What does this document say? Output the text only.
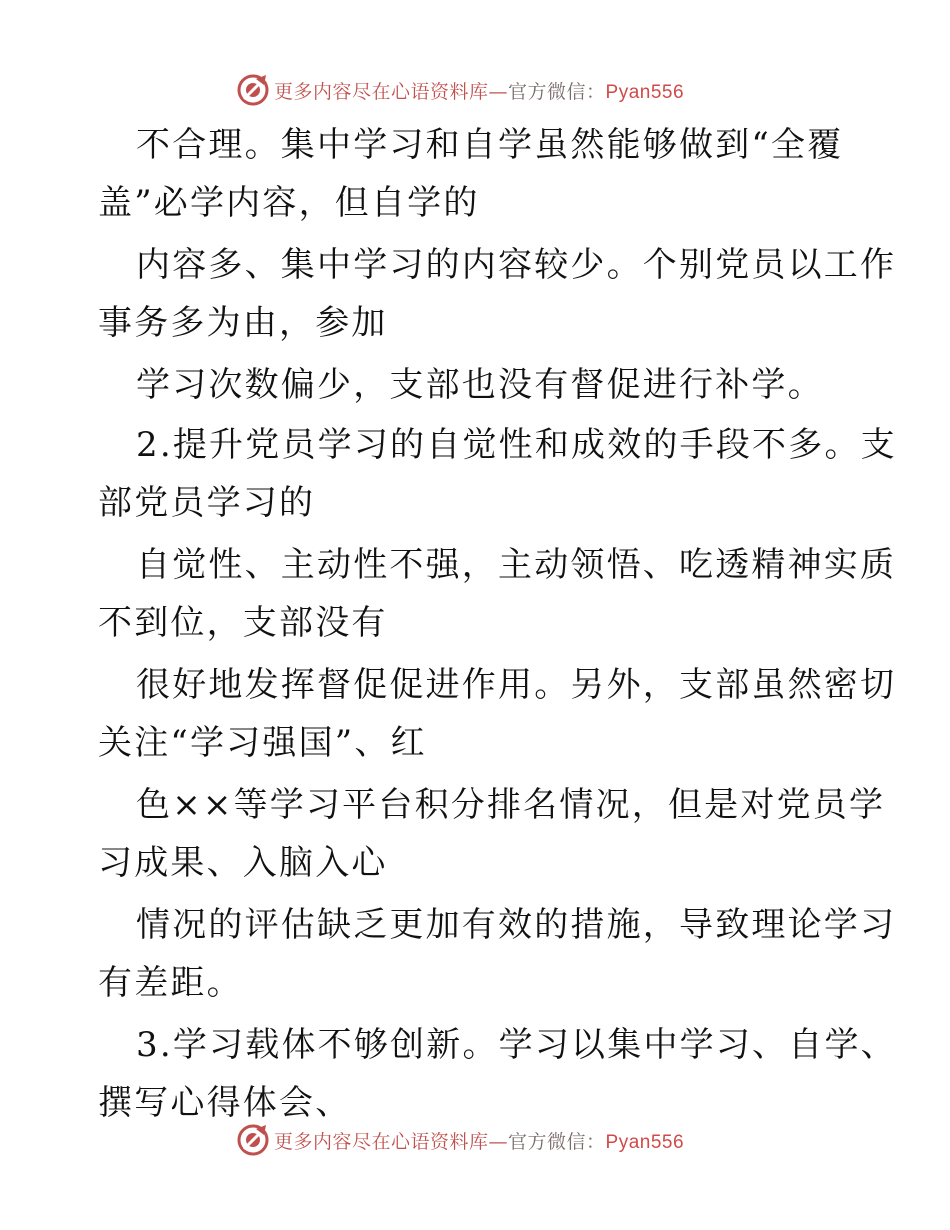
更多内容尽在心语资料库—官方微信：Pyan556
不合理。集中学习和自学虽然能够做到“全覆
盖”必学内容，但自学的
内容多、集中学习的内容较少。个别党员以工作
事务多为由，参加
学习次数偏少，支部也没有督促进行补学。
2.提升党员学习的自觉性和成效的手段不多。支
部党员学习的
自觉性、主动性不强，主动领悟、吃透精神实质
不到位，支部没有
很好地发挥督促促进作用。另外，支部虽然密切
关注“学习强国”、红
色××等学习平台积分排名情况，但是对党员学
习成果、入脑入心
情况的评估缺乏更加有效的措施，导致理论学习
有差距。
3.学习载体不够创新。学习以集中学习、自学、
撰写心得体会、
更多内容尽在心语资料库—官方微信：Pyan556
